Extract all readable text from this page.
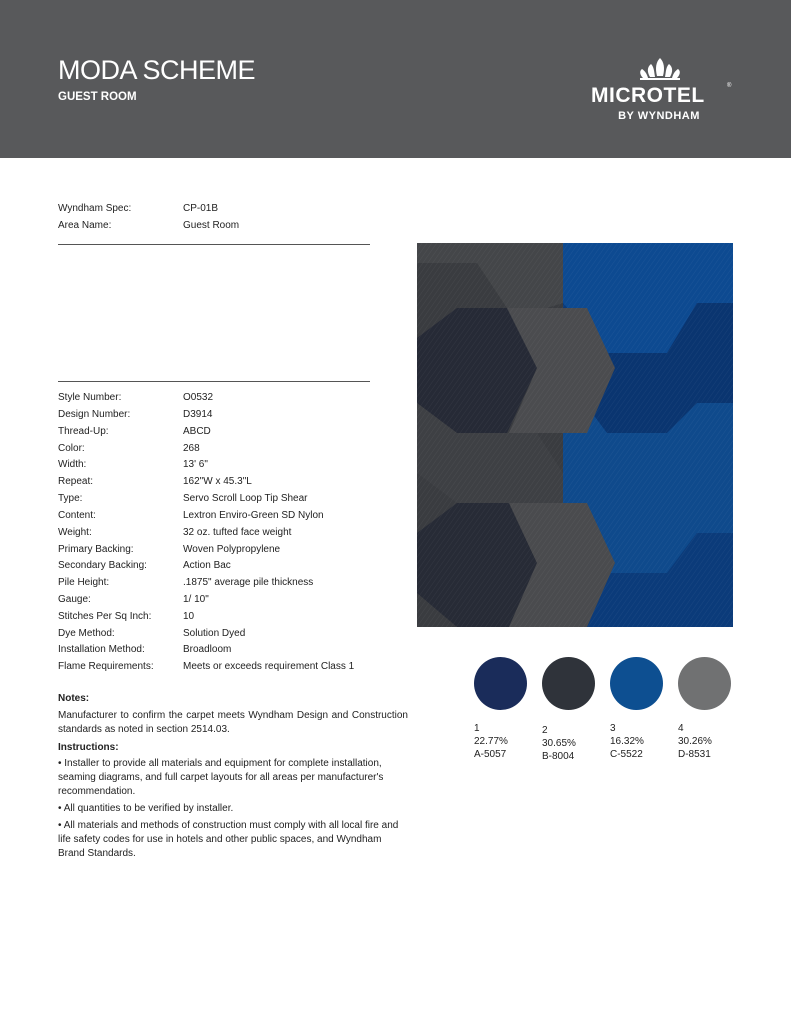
MODA SCHEME
GUEST ROOM	MICROTEL	®
BY WYNDHAM
Wyndham Spec:	CP-01B
Area Name:	Guest Room
Style Number:	O0532
Design Number:	D3914
Thread-Up:	ABCD
Color:	268
Width:	13' 6"
Repeat:	162"W x 45.3"L
Type:	Servo Scroll Loop Tip Shear
Content:	Lextron Enviro-Green SD Nylon
Weight:	32 oz. tufted face weight
Primary Backing:	Woven Polypropylene
Secondary Backing:	Action Bac
Pile Height:	.1875" average pile thickness
Gauge:	1/ 10"
Stitches Per Sq Inch:	10
Dye Method:	Solution Dyed
Installation Method:	Broadloom
Flame Requirements:	Meets or exceeds requirement Class 1
1
22.77%
A-5057
2
30.65%
B-8004
3
16.32%
C-5522
4
30.26%
D-8531
Notes:
Manufacturer to confirm the carpet meets Wyndham Design and Construction standards as noted in section 2514.03.
Instructions:
• Installer to provide all materials and equipment for complete installation, seaming diagrams, and full carpet layouts for all areas per manufacturer's recommendation.
• All quantities to be verified by installer.
• All materials and methods of construction must comply with all local fire and life safety codes for use in hotels and other public spaces, and Wyndham Brand Standards.
